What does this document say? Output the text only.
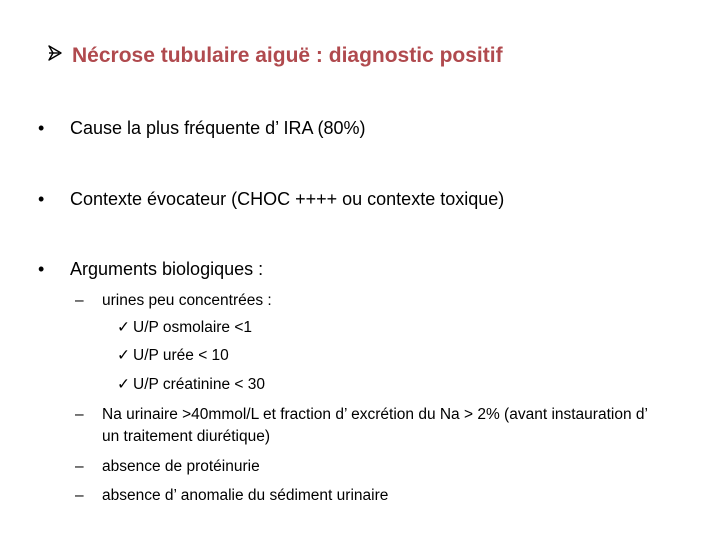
Nécrose tubulaire aiguë : diagnostic positif
• Cause la plus fréquente d’ IRA (80%)
• Contexte évocateur (CHOC ++++ ou contexte toxique)
• Arguments biologiques :
– urines peu concentrées :
✓ U/P osmolaire <1
✓ U/P urée < 10
✓ U/P créatinine < 30
– Na urinaire >40mmol/L et fraction d’ excrétion du Na > 2% (avant instauration d’ un traitement diurétique)
– absence de protéinurie
– absence d’ anomalie du sédiment urinaire
